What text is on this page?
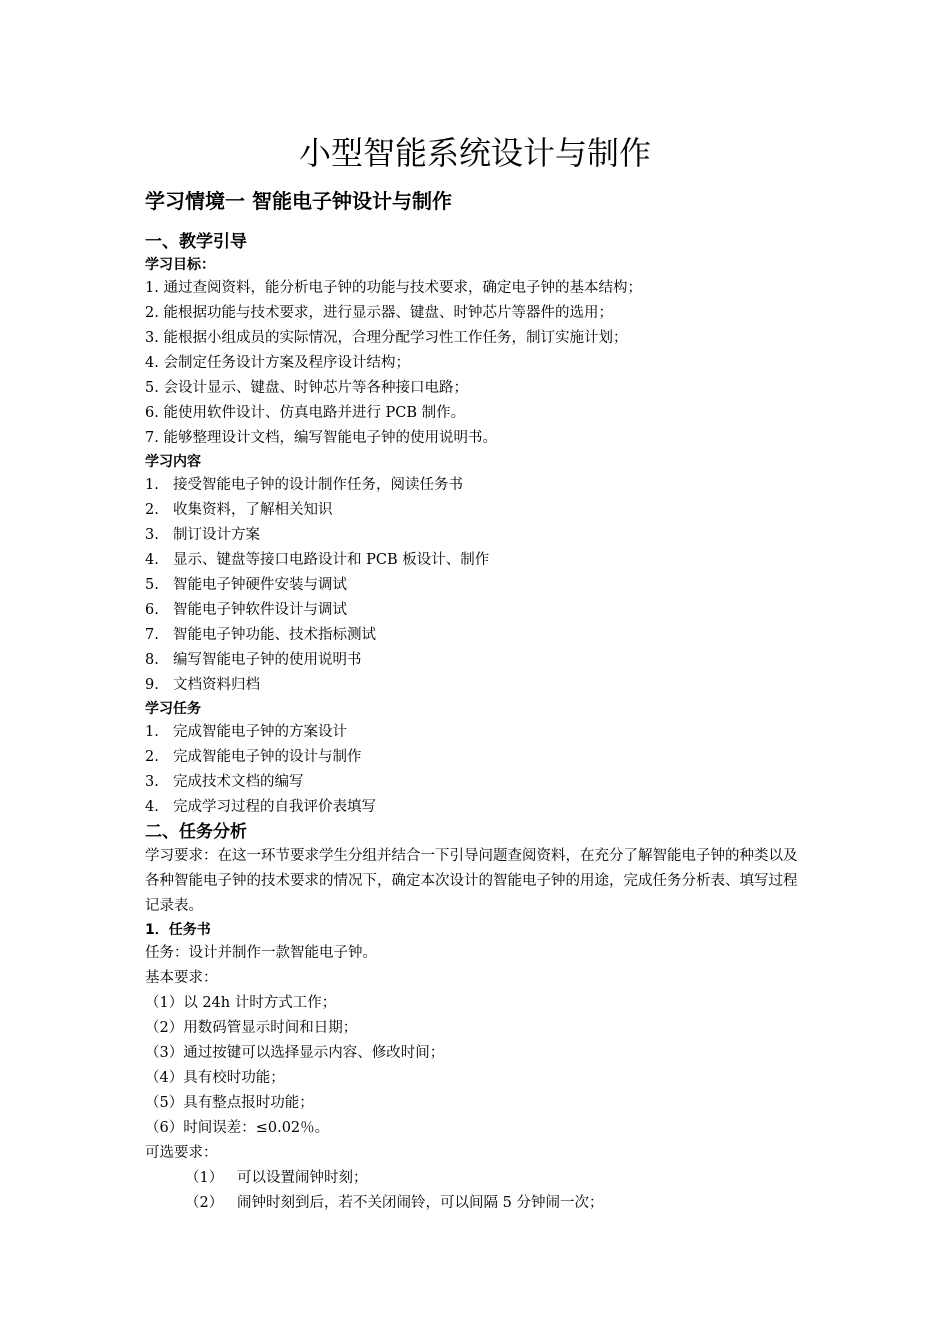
小型智能系统设计与制作
学习情境一 智能电子钟设计与制作
一、教学引导
学习目标：
1. 通过查阅资料，能分析电子钟的功能与技术要求，确定电子钟的基本结构；
2. 能根据功能与技术要求，进行显示器、键盘、时钟芯片等器件的选用；
3. 能根据小组成员的实际情况，合理分配学习性工作任务，制订实施计划；
4. 会制定任务设计方案及程序设计结构；
5. 会设计显示、键盘、时钟芯片等各种接口电路；
6. 能使用软件设计、仿真电路并进行 PCB 制作。
7. 能够整理设计文档，编写智能电子钟的使用说明书。
学习内容
1. 接受智能电子钟的设计制作任务，阅读任务书
2. 收集资料，了解相关知识
3. 制订设计方案
4. 显示、键盘等接口电路设计和 PCB 板设计、制作
5. 智能电子钟硬件安装与调试
6. 智能电子钟软件设计与调试
7. 智能电子钟功能、技术指标测试
8. 编写智能电子钟的使用说明书
9. 文档资料归档
学习任务
1. 完成智能电子钟的方案设计
2. 完成智能电子钟的设计与制作
3. 完成技术文档的编写
4. 完成学习过程的自我评价表填写
二、任务分析
学习要求：在这一环节要求学生分组并结合一下引导问题查阅资料，在充分了解智能电子钟的种类以及各种智能电子钟的技术要求的情况下，确定本次设计的智能电子钟的用途，完成任务分析表、填写过程记录表。
1．任务书
任务：设计并制作一款智能电子钟。
基本要求：
（1）以 24h 计时方式工作；
（2）用数码管显示时间和日期；
（3）通过按键可以选择显示内容、修改时间；
（4）具有校时功能；
（5）具有整点报时功能；
（6）时间误差：≤0.02％。
可选要求：
（1） 可以设置闹钟时刻；
（2） 闹钟时刻到后，若不关闭闹铃，可以间隔 5 分钟闹一次；
